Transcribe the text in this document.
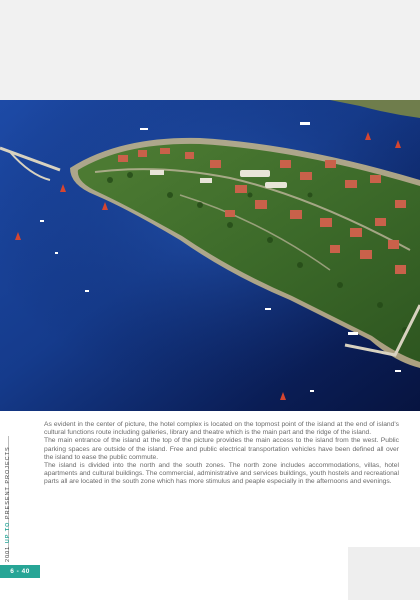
2001 UP TO PRESENT PROJECTS

As evident in the center of picture, the hotel complex is located on the topmost point of the island at the end of island's cultural functions route including galleries, library and theatre which is the main part and the ridge of the island.

The main entrance of the island at the top of the picture provides the main access to the island from the west. Public parking spaces are outside of the island. Free and public electrical transportation vehicles have been defined all over the island to ease the public commute.

The island is divided into the north and the south zones. The north zone includes accommodations, villas, hotel apartments and cultural buildings. The commercial, administrative and services buildings, youth hostels and recreational parts all are located in the south zone which has more stimulus and peaple especially in the afternoons and evenings.

6 - 40
